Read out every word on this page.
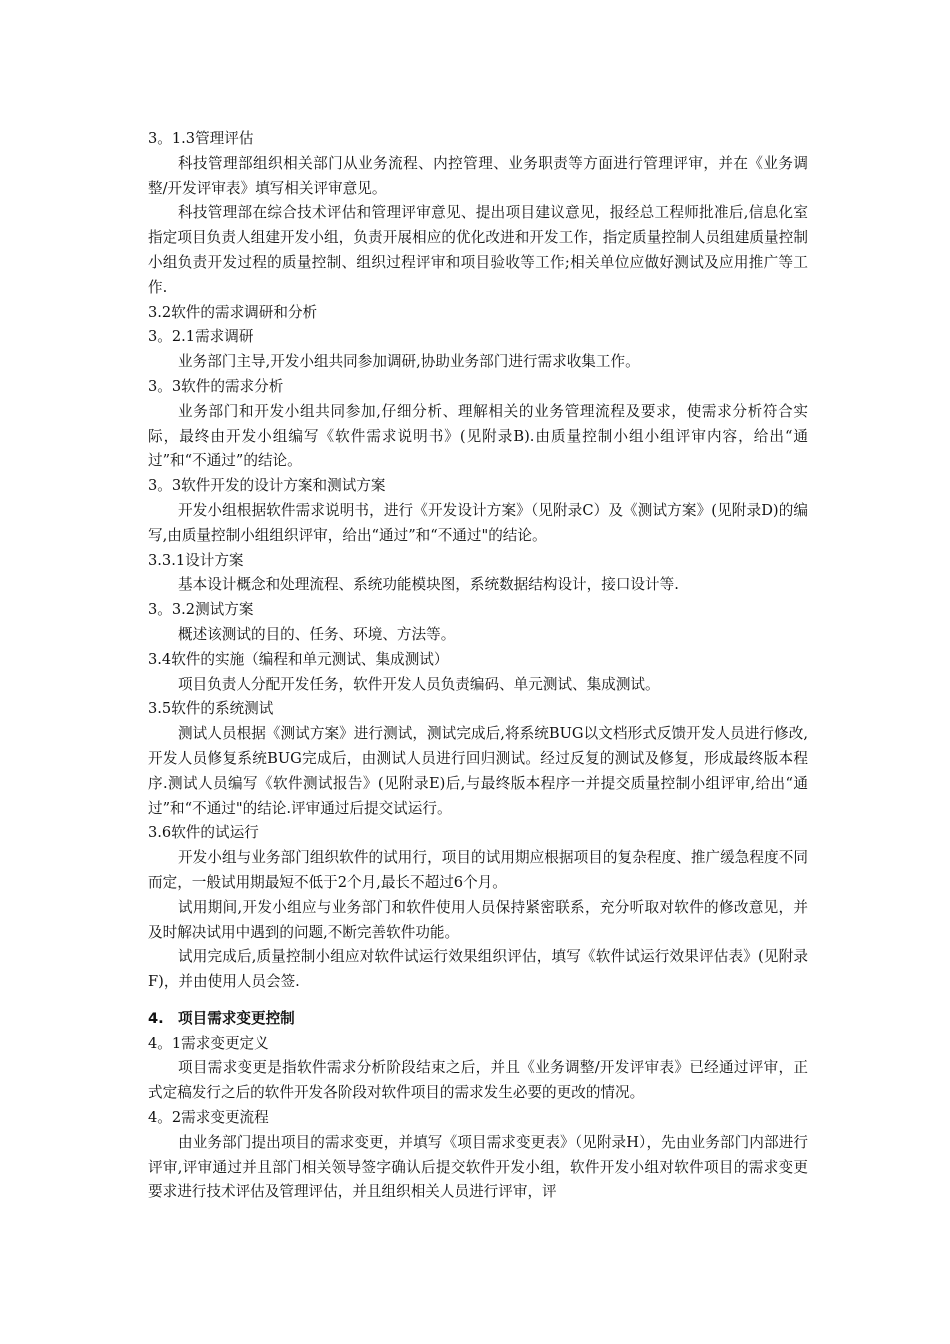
3。1.3管理评估
科技管理部组织相关部门从业务流程、内控管理、业务职责等方面进行管理评审，并在《业务调整/开发评审表》填写相关评审意见。
科技管理部在综合技术评估和管理评审意见、提出项目建议意见，报经总工程师批准后,信息化室指定项目负责人组建开发小组，负责开展相应的优化改进和开发工作，指定质量控制人员组建质量控制小组负责开发过程的质量控制、组织过程评审和项目验收等工作;相关单位应做好测试及应用推广等工作.
3.2软件的需求调研和分析
3。2.1需求调研
业务部门主导,开发小组共同参加调研,协助业务部门进行需求收集工作。
3。3软件的需求分析
业务部门和开发小组共同参加,仔细分析、理解相关的业务管理流程及要求，使需求分析符合实际，最终由开发小组编写《软件需求说明书》(见附录B).由质量控制小组小组评审内容，给出“通过”和“不通过”的结论。
3。3软件开发的设计方案和测试方案
开发小组根据软件需求说明书，进行《开发设计方案》（见附录C）及《测试方案》(见附录D)的编写,由质量控制小组组织评审，给出“通过”和“不通过"的结论。
3.3.1设计方案
基本设计概念和处理流程、系统功能模块图，系统数据结构设计，接口设计等.
3。3.2测试方案
概述该测试的目的、任务、环境、方法等。
3.4软件的实施（编程和单元测试、集成测试）
项目负责人分配开发任务，软件开发人员负责编码、单元测试、集成测试。
3.5软件的系统测试
测试人员根据《测试方案》进行测试，测试完成后,将系统BUG以文档形式反馈开发人员进行修改,开发人员修复系统BUG完成后，由测试人员进行回归测试。经过反复的测试及修复，形成最终版本程序.测试人员编写《软件测试报告》(见附录E)后,与最终版本程序一并提交质量控制小组评审,给出“通过”和“不通过"的结论.评审通过后提交试运行。
3.6软件的试运行
开发小组与业务部门组织软件的试用行，项目的试用期应根据项目的复杂程度、推广缓急程度不同而定，一般试用期最短不低于2个月,最长不超过6个月。
试用期间,开发小组应与业务部门和软件使用人员保持紧密联系，充分听取对软件的修改意见，并及时解决试用中遇到的问题,不断完善软件功能。
试用完成后,质量控制小组应对软件试运行效果组织评估，填写《软件试运行效果评估表》(见附录F)，并由使用人员会签.
4. 项目需求变更控制
4。1需求变更定义
项目需求变更是指软件需求分析阶段结束之后，并且《业务调整/开发评审表》已经通过评审，正式定稿发行之后的软件开发各阶段对软件项目的需求发生必要的更改的情况。
4。2需求变更流程
由业务部门提出项目的需求变更，并填写《项目需求变更表》（见附录H），先由业务部门内部进行评审,评审通过并且部门相关领导签字确认后提交软件开发小组，软件开发小组对软件项目的需求变更要求进行技术评估及管理评估，并且组织相关人员进行评审，评
